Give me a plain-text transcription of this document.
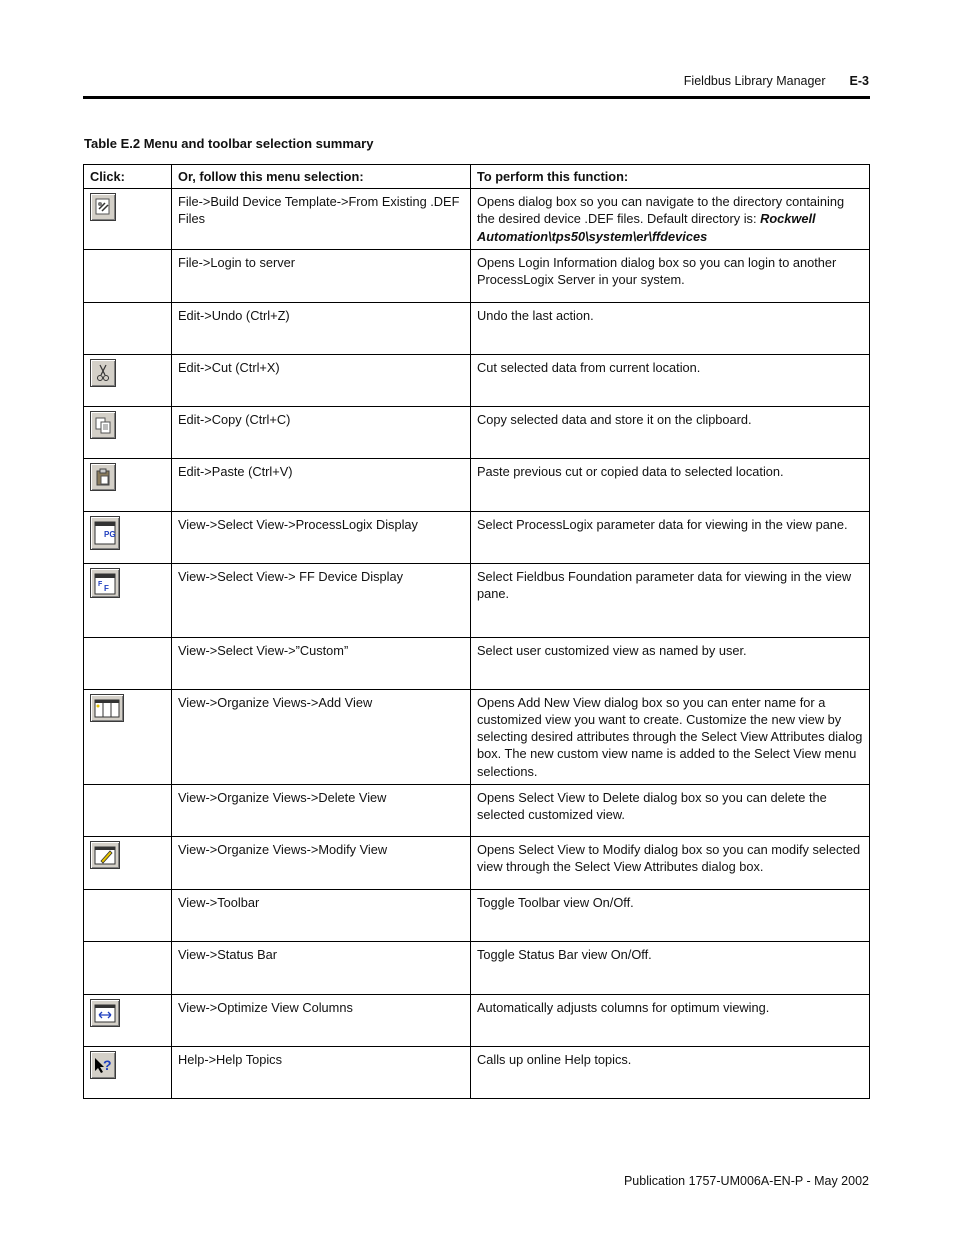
Fieldbus Library Manager E-3
Table E.2 Menu and toolbar selection summary
Click:	Or, follow this menu selection:	To perform this function:

	File->Build Device Template->From Existing .DEF Files	Opens dialog box so you can navigate to the directory containing the desired device .DEF files. Default directory is: Rockwell Automation\tps50\system\er\ffdevices
	File->Login to server	Opens Login Information dialog box so you can login to another ProcessLogix Server in your system.
	Edit->Undo (Ctrl+Z)	Undo the last action.

	Edit->Cut (Ctrl+X)	Cut selected data from current location.

	Edit->Copy (Ctrl+C)	Copy selected data and store it on the clipboard.

	Edit->Paste (Ctrl+V)	Paste previous cut or copied data to selected location.

PG	View->Select View->ProcessLogix Display	Select ProcessLogix parameter data for viewing in the view pane.

F F	View->Select View-> FF Device Display	Select Fieldbus Foundation parameter data for viewing in the view pane.
	View->Select View->”Custom”	Select user customized view as named by user.

	View->Organize Views->Add View	Opens Add New View dialog box so you can enter name for a customized view you want to create. Customize the new view by selecting desired attributes through the Select View Attributes dialog box. The new custom view name is added to the Select View menu selections.
	View->Organize Views->Delete View	Opens Select View to Delete dialog box so you can delete the selected customized view.

	View->Organize Views->Modify View	Opens Select View to Modify dialog box so you can modify selected view through the Select View Attributes dialog box.
	View->Toolbar	Toggle Toolbar view On/Off.
	View->Status Bar	Toggle Status Bar view On/Off.

	View->Optimize View Columns	Automatically adjusts columns for optimum viewing.

?	Help->Help Topics	Calls up online Help topics.
Publication 1757-UM006A-EN-P - May 2002
